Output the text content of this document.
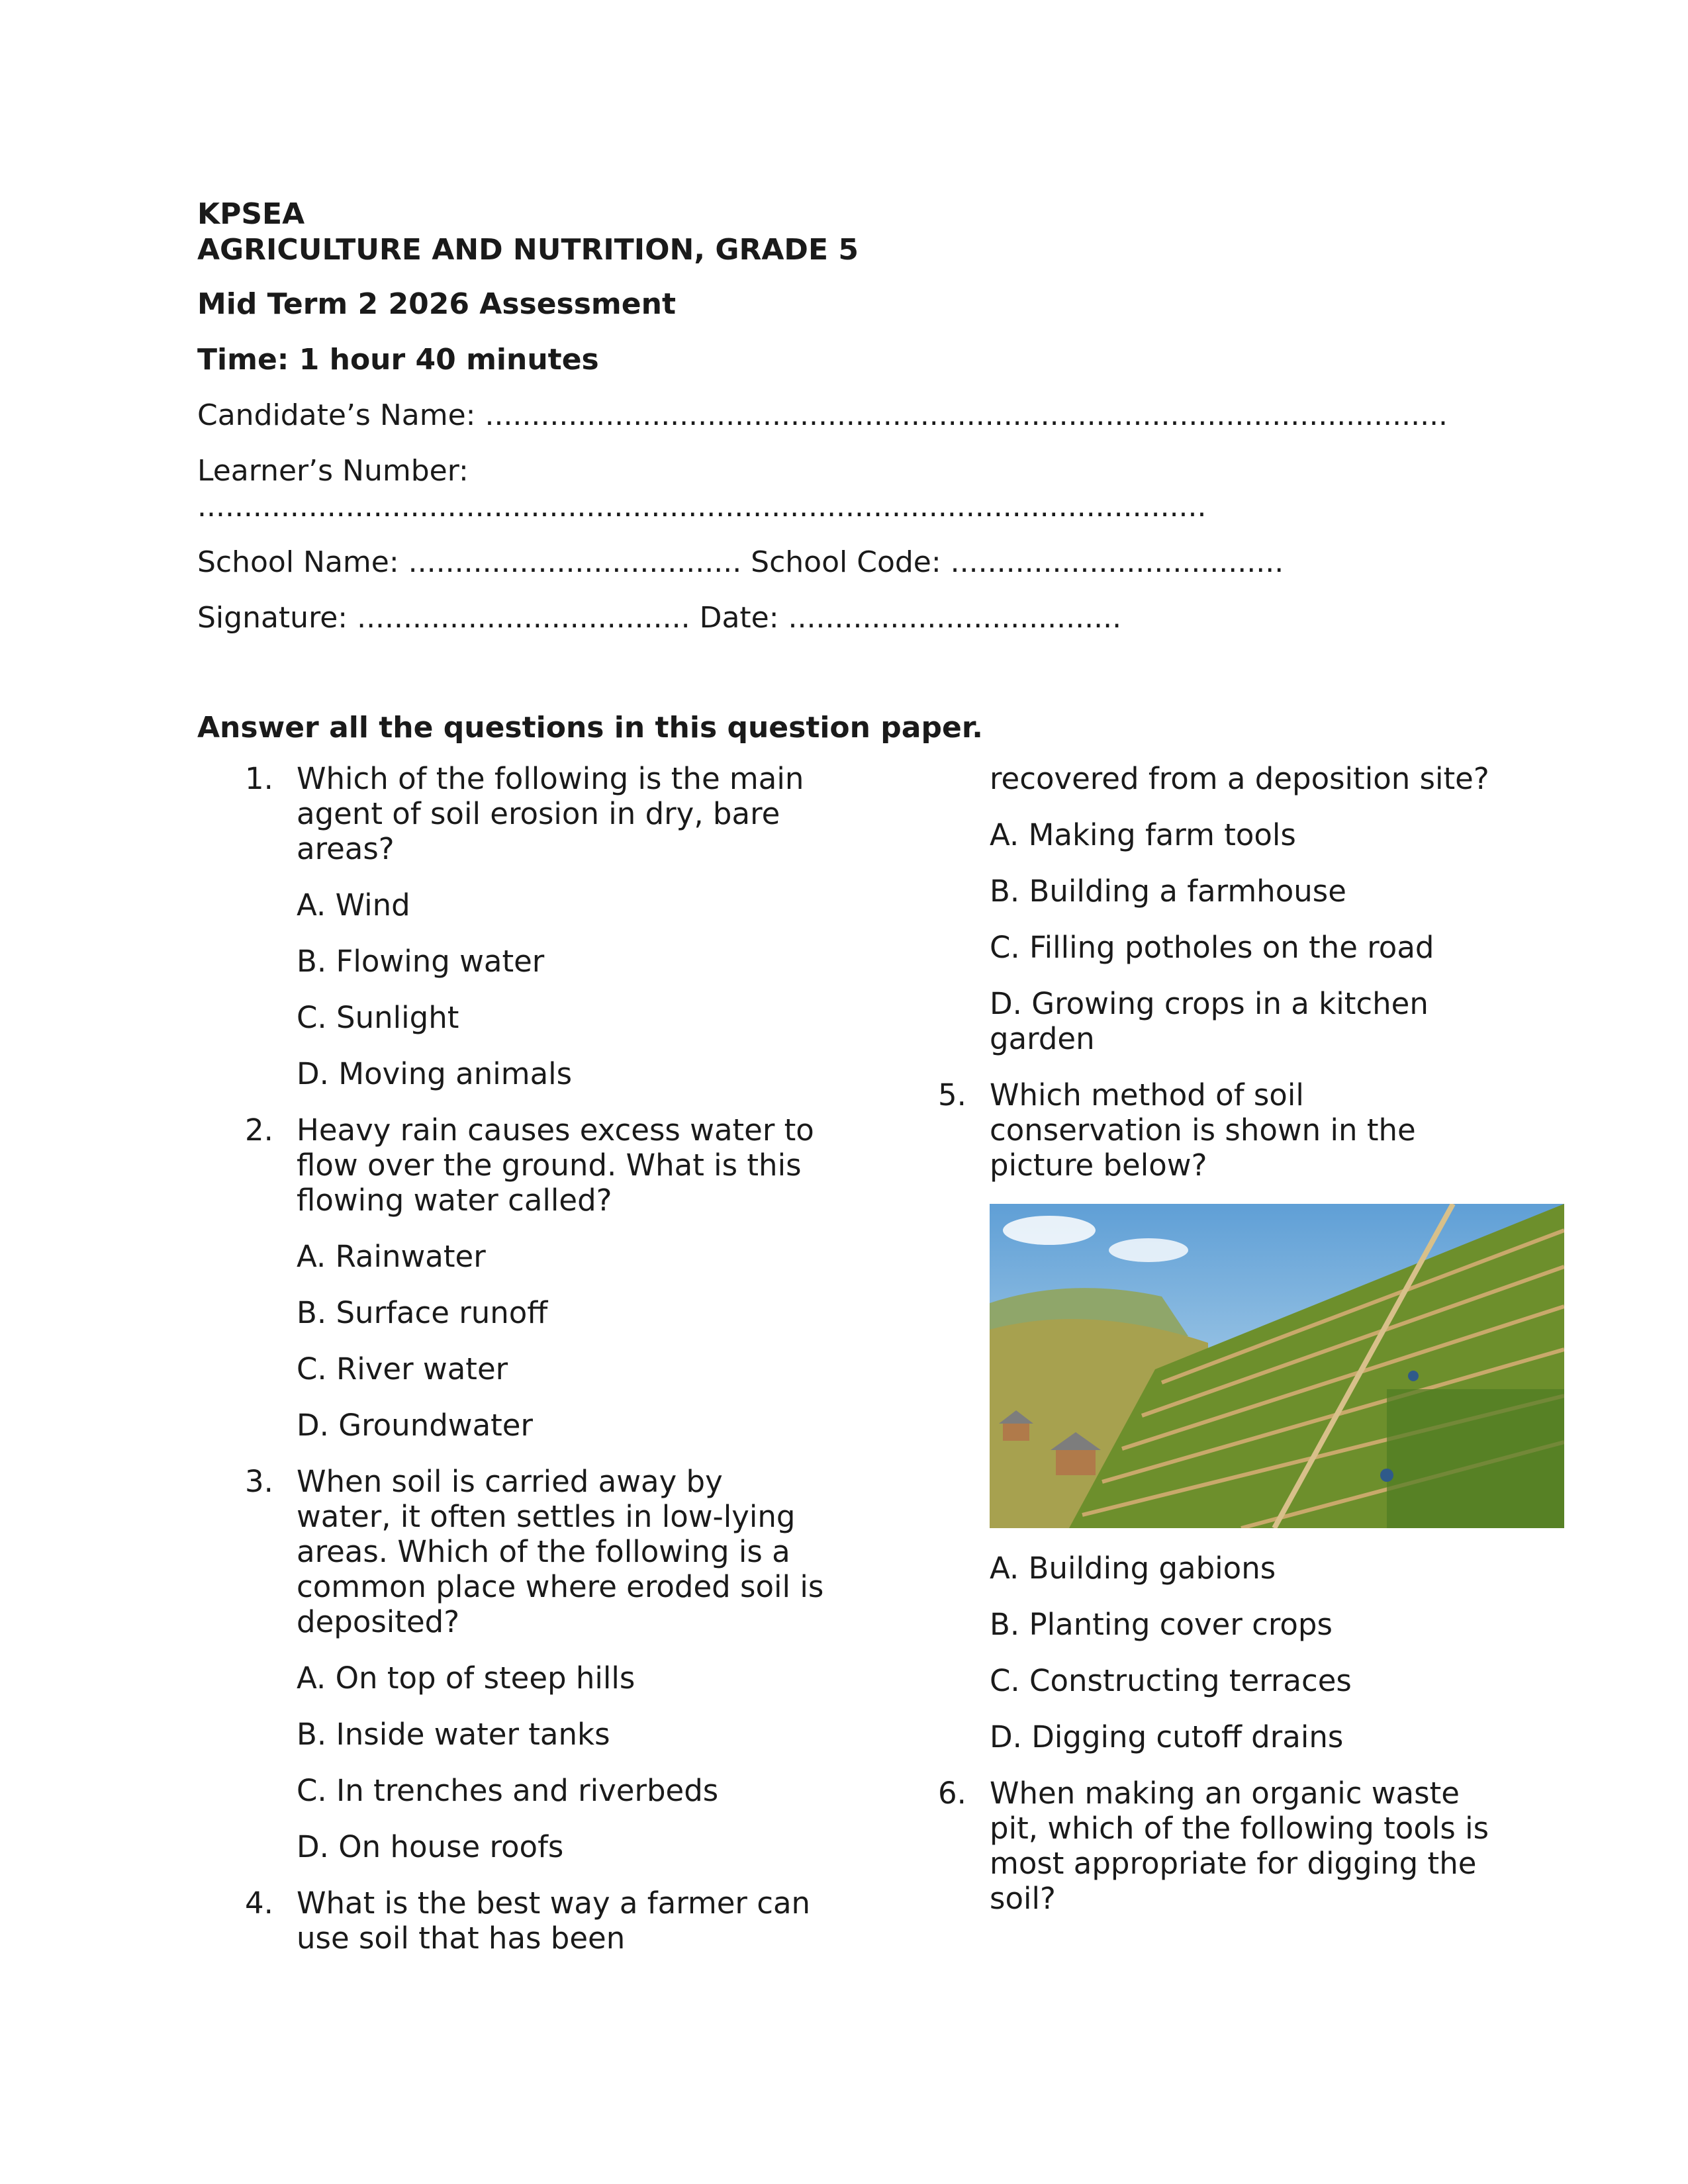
KPSEA
AGRICULTURE AND NUTRITION, GRADE 5
Mid Term 2 2026 Assessment
Time: 1 hour 40 minutes
Candidate’s Name: ........................................................................................................
Learner’s Number:
.............................................................................................................
School Name: .................................... School Code: ....................................
Signature: .................................... Date: ....................................
Answer all the questions in this question paper.
1. Which of the following is the main agent of soil erosion in dry, bare areas?
A. Wind
B. Flowing water
C. Sunlight
D. Moving animals
2. Heavy rain causes excess water to flow over the ground. What is this flowing water called?
A. Rainwater
B. Surface runoff
C. River water
D. Groundwater
3. When soil is carried away by water, it often settles in low-lying areas. Which of the following is a common place where eroded soil is deposited?
A. On top of steep hills
B. Inside water tanks
C. In trenches and riverbeds
D. On house roofs
4. What is the best way a farmer can use soil that has been
recovered from a deposition site?
A. Making farm tools
B. Building a farmhouse
C. Filling potholes on the road
D. Growing crops in a kitchen garden
5. Which method of soil conservation is shown in the picture below?
A. Building gabions
B. Planting cover crops
C. Constructing terraces
D. Digging cutoff drains
6. When making an organic waste pit, which of the following tools is most appropriate for digging the soil?
